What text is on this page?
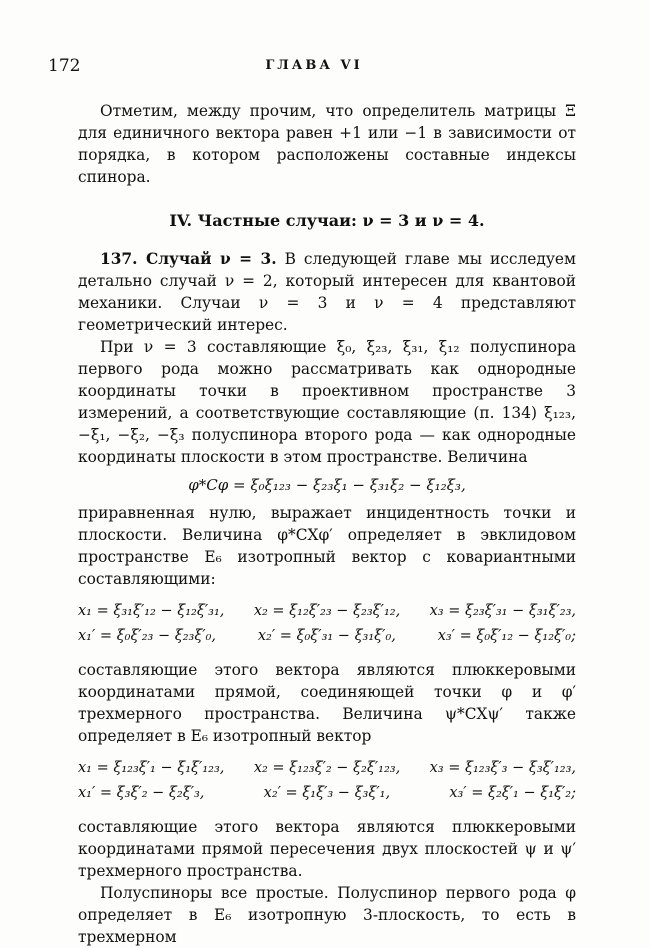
172	ГЛАВА VI

Отметим, между прочим, что определитель матрицы Ξ для единичного вектора равен +1 или −1 в зависимости от порядка, в котором расположены составные индексы спинора.

IV. Частные случаи: ν = 3 и ν = 4.

137. Случай ν = 3. В следующей главе мы исследуем детально случай ν = 2, который интересен для квантовой механики. Случаи ν = 3 и ν = 4 представляют геометрический интерес.

При ν = 3 составляющие ξ₀, ξ₂₃, ξ₃₁, ξ₁₂ полуспинора первого рода можно рассматривать как однородные координаты точки в проективном пространстве 3 измерений, а соответствующие составляющие (п. 134) ξ₁₂₃, −ξ₁, −ξ₂, −ξ₃ полуспинора второго рода — как однородные координаты плоскости в этом пространстве. Величина

φ*Cφ = ξ₀ξ₁₂₃ − ξ₂₃ξ₁ − ξ₃₁ξ₂ − ξ₁₂ξ₃,

приравненная нулю, выражает инцидентность точки и плоскости. Величина φ*CXφ′ определяет в эвклидовом пространстве E₆ изотропный вектор с ковариантными составляющими:

x₁ = ξ₃₁ξ′₁₂ − ξ₁₂ξ′₃₁, x₂ = ξ₁₂ξ′₂₃ − ξ₂₃ξ′₁₂, x₃ = ξ₂₃ξ′₃₁ − ξ₃₁ξ′₂₃,
x₁′ = ξ₀ξ′₂₃ − ξ₂₃ξ′₀,	x₂′ = ξ₀ξ′₃₁ − ξ₃₁ξ′₀,	x₃′ = ξ₀ξ′₁₂ − ξ₁₂ξ′₀;

составляющие этого вектора являются плюккеровыми координатами прямой, соединяющей точки φ и φ′ трехмерного пространства. Величина ψ*CXψ′ также определяет в E₆ изотропный вектор

x₁ = ξ₁₂₃ξ′₁ − ξ₁ξ′₁₂₃, x₂ = ξ₁₂₃ξ′₂ − ξ₂ξ′₁₂₃, x₃ = ξ₁₂₃ξ′₃ − ξ₃ξ′₁₂₃,
x₁′ = ξ₃ξ′₂ − ξ₂ξ′₃,	x₂′ = ξ₁ξ′₃ − ξ₃ξ′₁,	x₃′ = ξ₂ξ′₁ − ξ₁ξ′₂;

составляющие этого вектора являются плюккеровыми координатами прямой пересечения двух плоскостей ψ и ψ′ трехмерного пространства.

Полуспиноры все простые. Полуспинор первого рода φ определяет в E₆ изотропную 3-плоскость, то есть в трехмерном
